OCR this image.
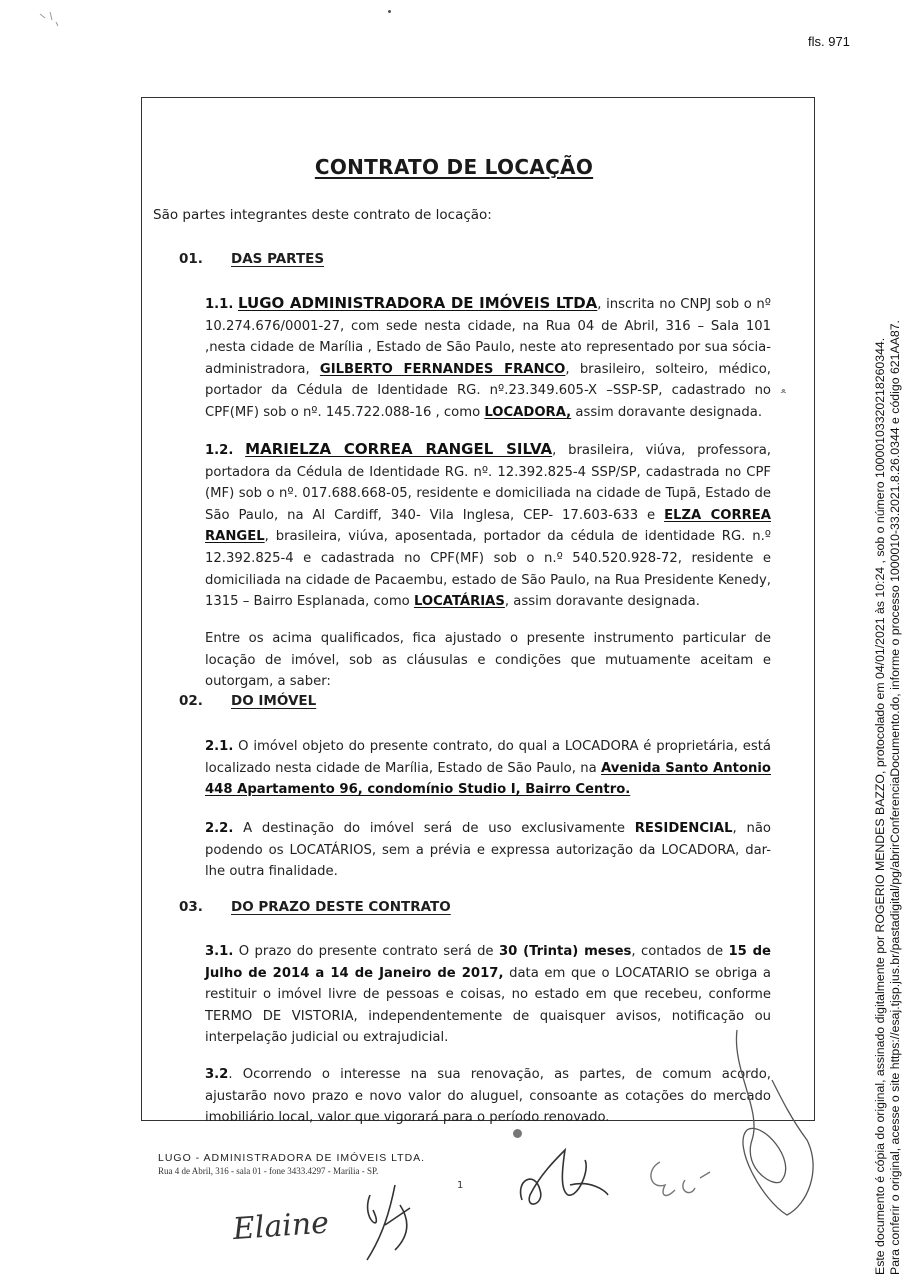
fls. 971
CONTRATO DE LOCAÇÃO
São partes integrantes deste contrato de locação:
01. DAS PARTES
1.1. LUGO ADMINISTRADORA DE IMÓVEIS LTDA, inscrita no CNPJ sob o nº 10.274.676/0001-27, com sede nesta cidade, na Rua 04 de Abril, 316 – Sala 101 ,nesta cidade de Marília , Estado de São Paulo, neste ato representado por sua sócia-administradora, GILBERTO FERNANDES FRANCO, brasileiro, solteiro, médico, portador da Cédula de Identidade RG. nº.23.349.605-X –SSP-SP, cadastrado no CPF(MF) sob o nº. 145.722.088-16 , como LOCADORA, assim doravante designada.
ﻌ
1.2. MARIELZA CORREA RANGEL SILVA, brasileira, viúva, professora, portadora da Cédula de Identidade RG. nº. 12.392.825-4 SSP/SP, cadastrada no CPF (MF) sob o nº. 017.688.668-05, residente e domiciliada na cidade de Tupã, Estado de São Paulo, na Al Cardiff, 340- Vila Inglesa, CEP- 17.603-633 e ELZA CORREA RANGEL, brasileira, viúva, aposentada, portador da cédula de identidade RG. n.º 12.392.825-4 e cadastrada no CPF(MF) sob o n.º 540.520.928-72, residente e domiciliada na cidade de Pacaembu, estado de São Paulo, na Rua Presidente Kenedy, 1315 – Bairro Esplanada, como LOCATÁRIAS, assim doravante designada.
Entre os acima qualificados, fica ajustado o presente instrumento particular de locação de imóvel, sob as cláusulas e condições que mutuamente aceitam e outorgam, a saber:
02. DO IMÓVEL
2.1. O imóvel objeto do presente contrato, do qual a LOCADORA é proprietária, está localizado nesta cidade de Marília, Estado de São Paulo, na Avenida Santo Antonio 448 Apartamento 96, condomínio Studio I, Bairro Centro.
2.2. A destinação do imóvel será de uso exclusivamente RESIDENCIAL, não podendo os LOCATÁRIOS, sem a prévia e expressa autorização da LOCADORA, dar-lhe outra finalidade.
03. DO PRAZO DESTE CONTRATO
3.1. O prazo do presente contrato será de 30 (Trinta) meses, contados de 15 de Julho de 2014 a 14 de Janeiro de 2017, data em que o LOCATARIO se obriga a restituir o imóvel livre de pessoas e coisas, no estado em que recebeu, conforme TERMO DE VISTORIA, independentemente de quaisquer avisos, notificação ou interpelação judicial ou extrajudicial.
3.2. Ocorrendo o interesse na sua renovação, as partes, de comum acordo, ajustarão novo prazo e novo valor do aluguel, consoante as cotações do mercado imobiliário local, valor que vigorará para o período renovado.
LUGO - ADMINISTRADORA DE IMÓVEIS LTDA.
Rua 4 de Abril, 316 - sala 01 - fone 3433.4297 - Marília - SP.
1
Elaine	Este documento é cópia do original, assinado digitalmente por ROGERIO MENDES BAZZO, protocolado em 04/01/2021 às 10:24 , sob o número 10000103320218260344. Para conferir o original, acesse o site https://esaj.tjsp.jus.br/pastadigital/pg/abrirConferenciaDocumento.do, informe o processo 1000010-33.2021.8.26.0344 e código 621AA87.
